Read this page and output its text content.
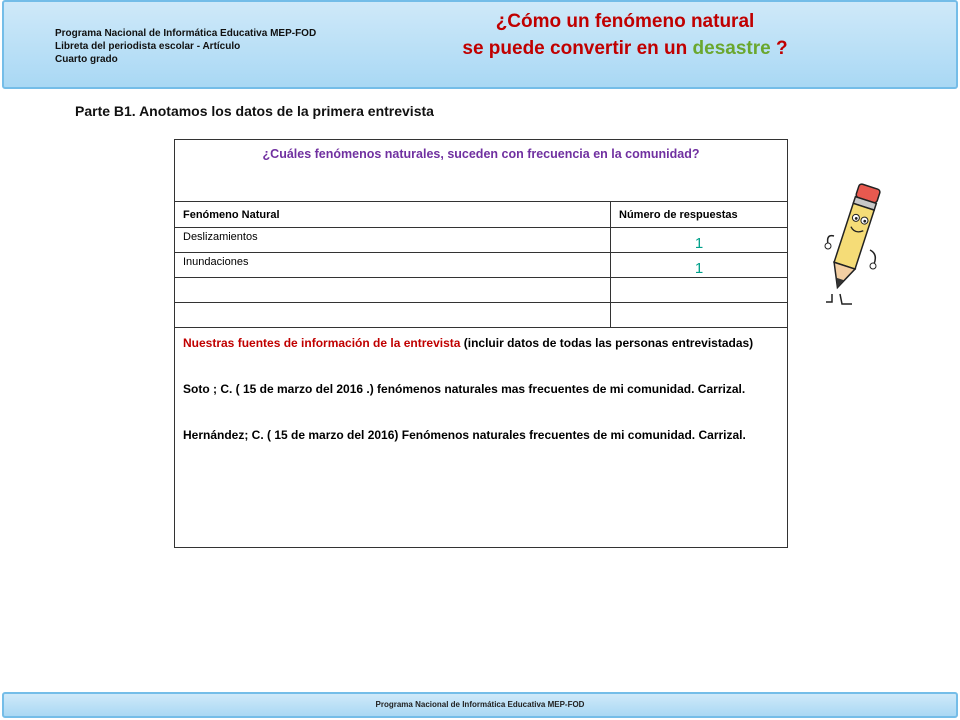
Programa Nacional de Informática Educativa MEP-FOD
Libreta del periodista escolar - Artículo
Cuarto grado
¿Cómo un fenómeno natural
se puede convertir en un desastre ?
Parte B1. Anotamos los datos de la primera entrevista
¿Cuáles fenómenos naturales, suceden con frecuencia en la comunidad?	
Fenómeno Natural	Número de respuestas
Deslizamientos	1
Inundaciones	1

Nuestras fuentes de información de la entrevista (incluir datos de todas las personas entrevistadas)

Soto ; C. ( 15 de marzo del 2016 .) fenómenos naturales mas frecuentes de mi comunidad. Carrizal.

Hernández; C. ( 15 de marzo del 2016) Fenómenos naturales frecuentes de mi comunidad. Carrizal.	

Programa Nacional de Informática Educativa MEP-FOD
